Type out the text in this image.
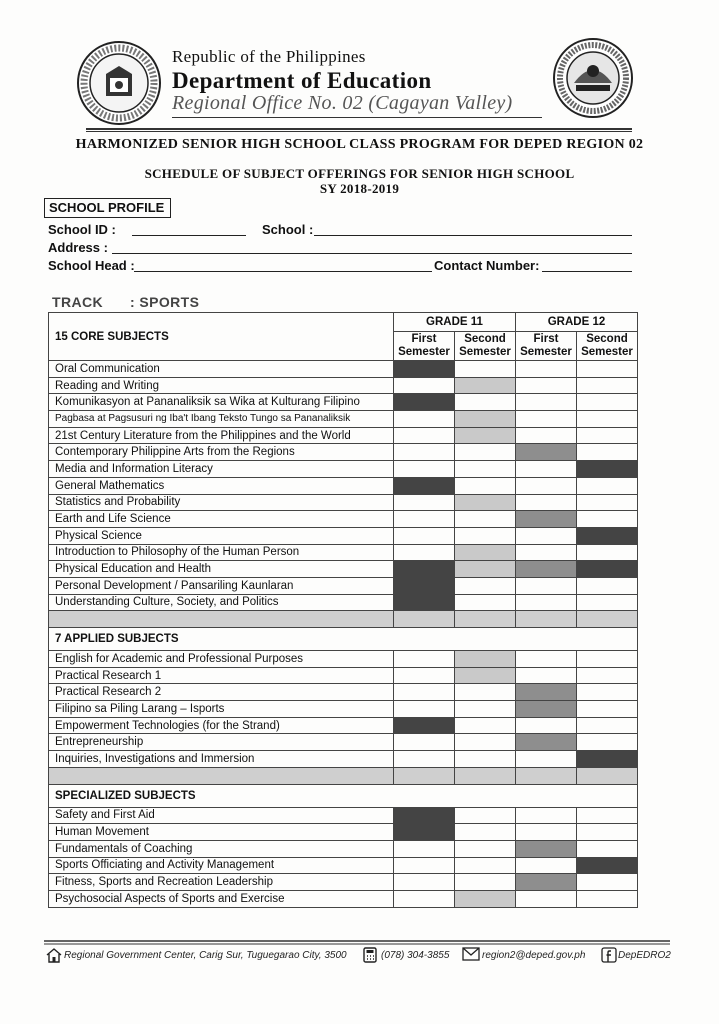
Republic of the Philippines
Department of Education
Regional Office No. 02 (Cagayan Valley)
HARMONIZED SENIOR HIGH SCHOOL CLASS PROGRAM FOR DEPED REGION 02
SCHEDULE OF SUBJECT OFFERINGS FOR SENIOR HIGH SCHOOL
SY 2018-2019
SCHOOL PROFILE
School ID :	School :
Address :
School Head :	Contact Number:
TRACK : SPORTS
15 CORE SUBJECTS	GRADE 11		GRADE 12	
	First Semester	Second Semester	First Semester	Second Semester
Oral Communication				
Reading and Writing				
Komunikasyon at Pananaliksik sa Wika at Kulturang Filipino				
Pagbasa at Pagsusuri ng Iba't Ibang Teksto Tungo sa Pananaliksik				
21st Century Literature from the Philippines and the World				
Contemporary Philippine Arts from the Regions				
Media and Information Literacy				
General Mathematics				
Statistics and Probability				
Earth and Life Science				
Physical Science				
Introduction to Philosophy of the Human Person				
Physical Education and Health				
Personal Development / Pansariling Kaunlaran				
Understanding Culture, Society, and Politics				

7 APPLIED SUBJECTS				
English for Academic and Professional Purposes				
Practical Research 1				
Practical Research 2				
Filipino sa Piling Larang – Isports				
Empowerment Technologies (for the Strand)				
Entrepreneurship				
Inquiries, Investigations and Immersion				

SPECIALIZED SUBJECTS				
Safety and First Aid				
Human Movement				
Fundamentals of Coaching				
Sports Officiating and Activity Management				
Fitness, Sports and Recreation Leadership				
Psychosocial Aspects of Sports and Exercise				
Regional Government Center, Carig Sur, Tuguegarao City, 3500	(078) 304-3855	region2@deped.gov.ph	DepEDRO2
